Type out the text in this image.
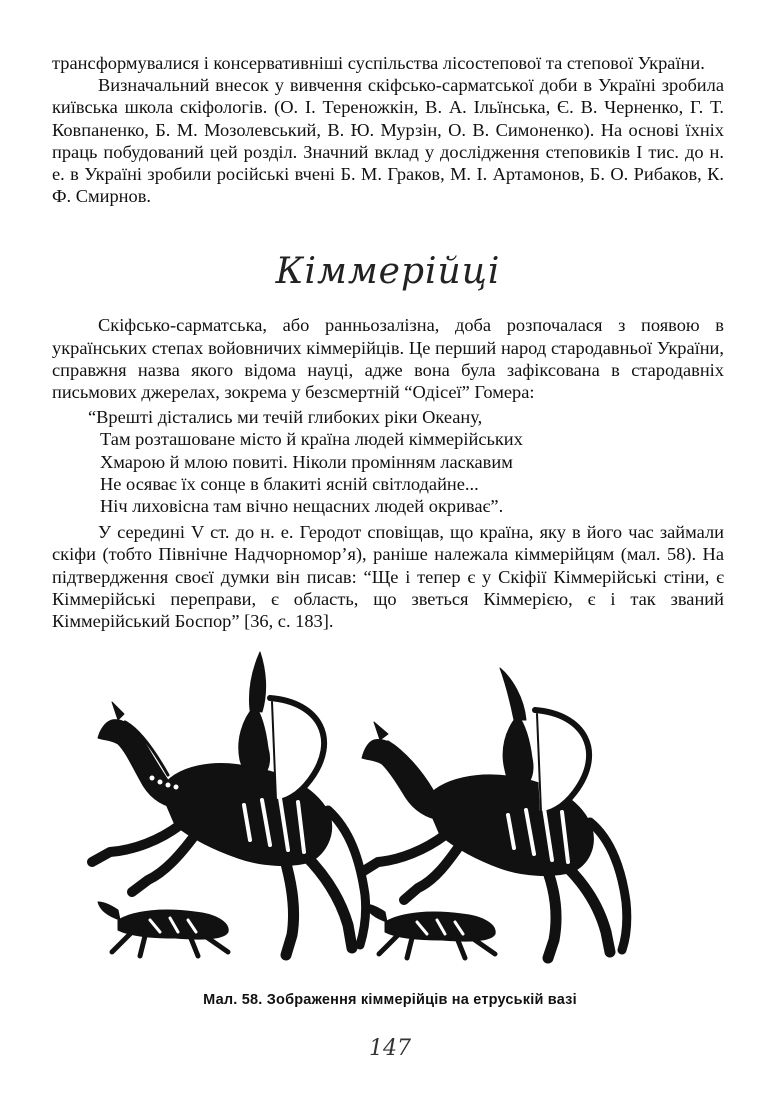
трансформувалися і консервативніші суспільства лісостепової та степової України.

Визначальний внесок у вивчення скіфсько-сарматської доби в Україні зробила київська школа скіфологів. (О. І. Тереножкін, В. А. Ільїнська, Є. В. Черненко, Г. Т. Ковпаненко, Б. М. Мозолевський, В. Ю. Мурзін, О. В. Симоненко). На основі їхніх праць побудований цей розділ. Значний вклад у дослідження степовиків І тис. до н. е. в Україні зробили російські вчені Б. М. Граков, М. І. Артамонов, Б. О. Рибаков, К. Ф. Смирнов.

Кіммерійці

Скіфсько-сарматська, або ранньозалізна, доба розпочалася з появою в українських степах войовничих кіммерійців. Це перший народ стародавньої України, справжня назва якого відома науці, адже вона була зафіксована в стародавніх письмових джерелах, зокрема у безсмертній “Одісеї” Гомера:

“Врешті дістались ми течій глибоких ріки Океану,
Там розташоване місто й країна людей кіммерійських
Хмарою й млою повиті. Ніколи промінням ласкавим
Не осяває їх сонце в блакиті ясній світлодайне...
Ніч лиховісна там вічно нещасних людей окриває”.

У середині V ст. до н. е. Геродот сповіщав, що країна, яку в його час займали скіфи (тобто Північне Надчорномор’я), раніше належала кіммерійцям (мал. 58). На підтвердження своєї думки він писав: “Ще і тепер є у Скіфії Кіммерійські стіни, є Кіммерійські переправи, є область, що зветься Кіммерією, є і так званий Кіммерійський Боспор” [36, с. 183].

Мал. 58. Зображення кіммерійців на етруській вазі
147
